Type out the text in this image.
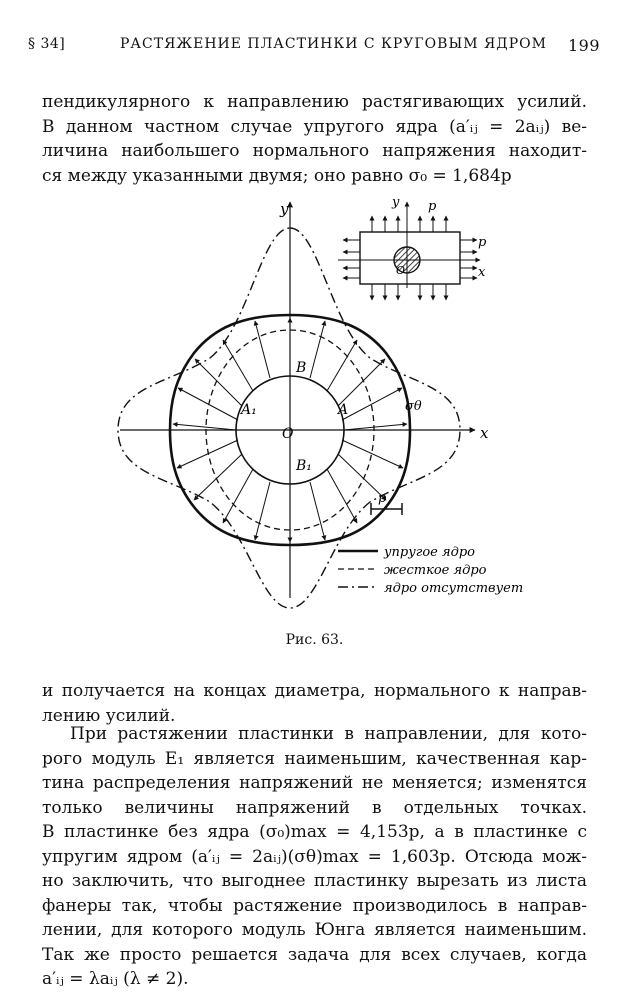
§ 34]	РАСТЯЖЕНИЕ ПЛАСТИНКИ С КРУГОВЫМ ЯДРОМ 199
пендикулярного к направлению растягивающих усилий.
В данном частном случае упругого ядра (a′ᵢⱼ = 2aᵢⱼ) ве-
личина наибольшего нормального напряжения находит-
ся между указанными двумя; оно равно σ₀ = 1,684p
x
y
O
A
A₁
B
B₁
σθ
p
y p
p
O	x
упругое ядро
жесткое ядро
ядро отсутствует
Рис. 63.
и получается на концах диаметра, нормального к направ-
лению усилий.
При растяжении пластинки в направлении, для кото-
рого модуль E₁ является наименьшим, качественная кар-
тина распределения напряжений не меняется; изменятся
только величины напряжений в отдельных точках.
В пластинке без ядра (σ₀)max = 4,153p, а в пластинке с
упругим ядром (a′ᵢⱼ = 2aᵢⱼ)(σθ)max = 1,603p. Отсюда мож-
но заключить, что выгоднее пластинку вырезать из листа
фанеры так, чтобы растяжение производилось в направ-
лении, для которого модуль Юнга является наименьшим.
Так же просто решается задача для всех случаев, когда
a′ᵢⱼ = λaᵢⱼ (λ ≠ 2).
